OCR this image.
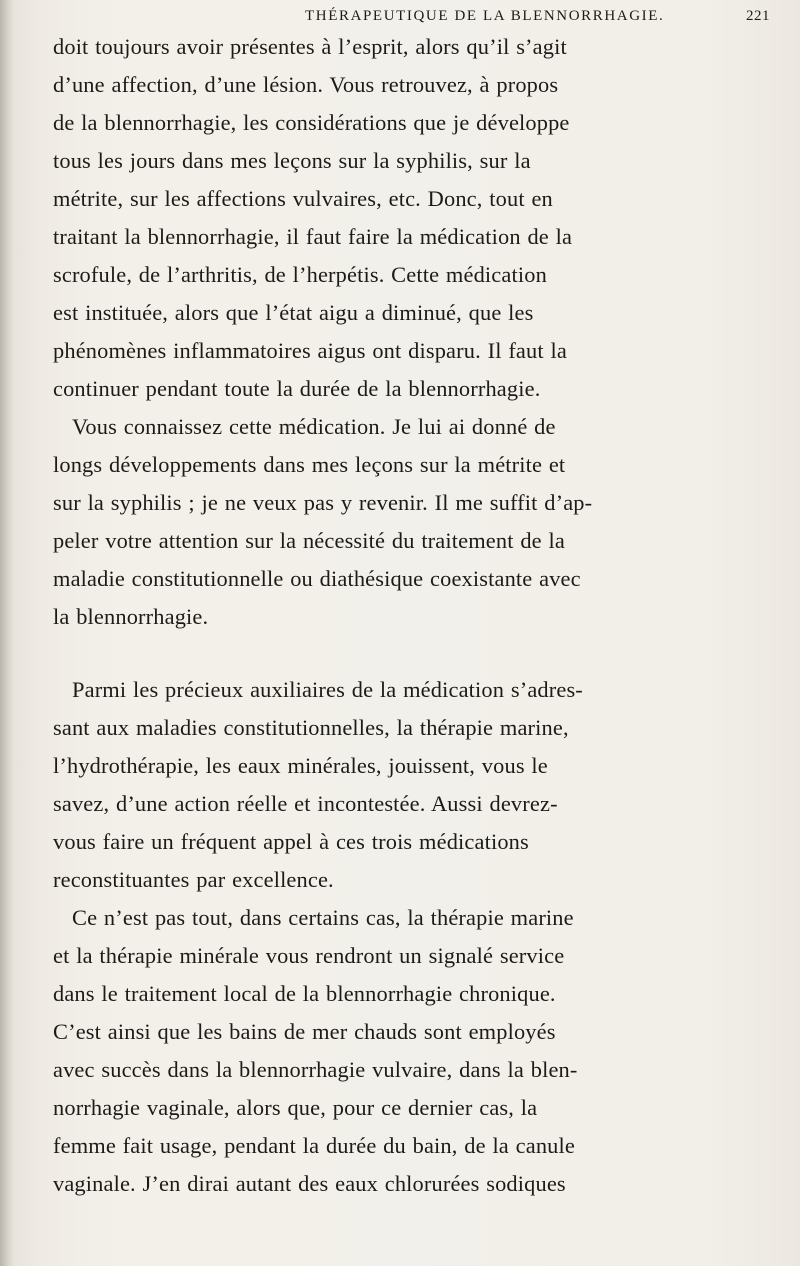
THÉRAPEUTIQUE DE LA BLENNORRHAGIE.	221
doit toujours avoir présentes à l’esprit, alors qu’il s’agit
d’une affection, d’une lésion. Vous retrouvez, à propos
de la blennorrhagie, les considérations que je développe
tous les jours dans mes leçons sur la syphilis, sur la
métrite, sur les affections vulvaires, etc. Donc, tout en
traitant la blennorrhagie, il faut faire la médication de la
scrofule, de l’arthritis, de l’herpétis. Cette médication
est instituée, alors que l’état aigu a diminué, que les
phénomènes inflammatoires aigus ont disparu. Il faut la
continuer pendant toute la durée de la blennorrhagie.
Vous connaissez cette médication. Je lui ai donné de
longs développements dans mes leçons sur la métrite et
sur la syphilis ; je ne veux pas y revenir. Il me suffit d’ap-
peler votre attention sur la nécessité du traitement de la
maladie constitutionnelle ou diathésique coexistante avec
la blennorrhagie.
Parmi les précieux auxiliaires de la médication s’adres-
sant aux maladies constitutionnelles, la thérapie marine,
l’hydrothérapie, les eaux minérales, jouissent, vous le
savez, d’une action réelle et incontestée. Aussi devrez-
vous faire un fréquent appel à ces trois médications
reconstituantes par excellence.
Ce n’est pas tout, dans certains cas, la thérapie marine
et la thérapie minérale vous rendront un signalé service
dans le traitement local de la blennorrhagie chronique.
C’est ainsi que les bains de mer chauds sont employés
avec succès dans la blennorrhagie vulvaire, dans la blen-
norrhagie vaginale, alors que, pour ce dernier cas, la
femme fait usage, pendant la durée du bain, de la canule
vaginale. J’en dirai autant des eaux chlorurées sodiques
